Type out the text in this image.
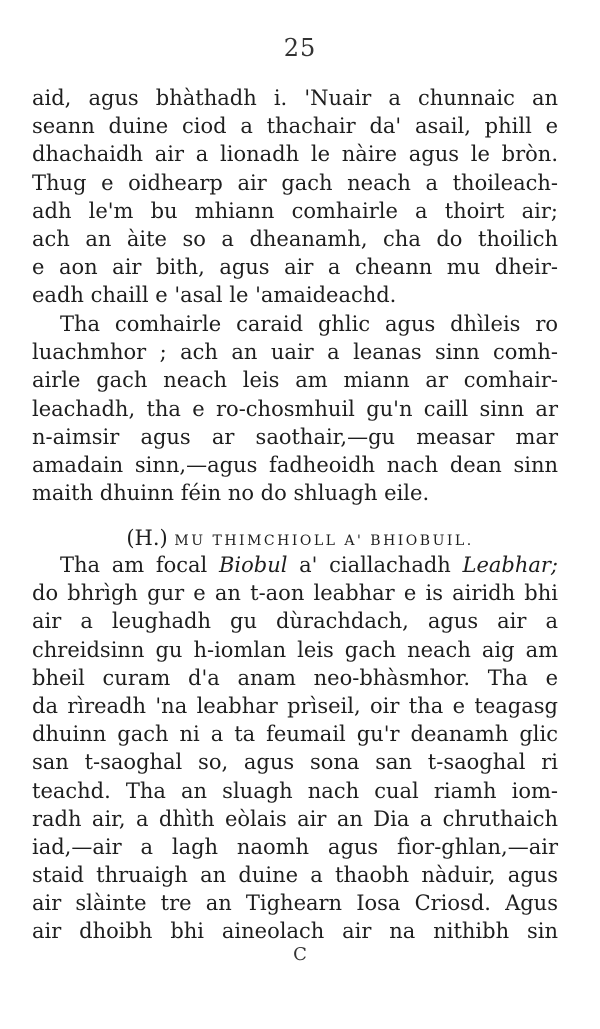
25
aid, agus bhàthadh i. 'Nuair a chunnaic an
seann duine ciod a thachair da' asail, phill e
dhachaidh air a lionadh le nàire agus le bròn.
Thug e oidhearp air gach neach a thoileach-
adh le'm bu mhiann comhairle a thoirt air;
ach an àite so a dheanamh, cha do thoilich
e aon air bith, agus air a cheann mu dheir-
eadh chaill e 'asal le 'amaideachd.
Tha comhairle caraid ghlic agus dhìleis ro
luachmhor ; ach an uair a leanas sinn comh-
airle gach neach leis am miann ar comhair-
leachadh, tha e ro-chosmhuil gu'n caill sinn ar
n-aimsir agus ar saothair,—gu measar mar
amadain sinn,—agus fadheoidh nach dean sinn
maith dhuinn féin no do shluagh eile.
(H.) MU THIMCHIOLL A' BHIOBUIL.
Tha am focal Biobul a' ciallachadh Leabhar;
do bhrìgh gur e an t-aon leabhar e is airidh bhi
air a leughadh gu dùrachdach, agus air a
chreidsinn gu h-iomlan leis gach neach aig am
bheil curam d'a anam neo-bhàsmhor. Tha e
da rìreadh 'na leabhar prìseil, oir tha e teagasg
dhuinn gach ni a ta feumail gu'r deanamh glic
san t-saoghal so, agus sona san t-saoghal ri
teachd. Tha an sluagh nach cual riamh iom-
radh air, a dhìth eòlais air an Dia a chruthaich
iad,—air a lagh naomh agus fìor-ghlan,—air
staid thruaigh an duine a thaobh nàduir, agus
air slàinte tre an Tighearn Iosa Criosd. Agus
air dhoibh bhi aineolach air na nithibh sin
C
